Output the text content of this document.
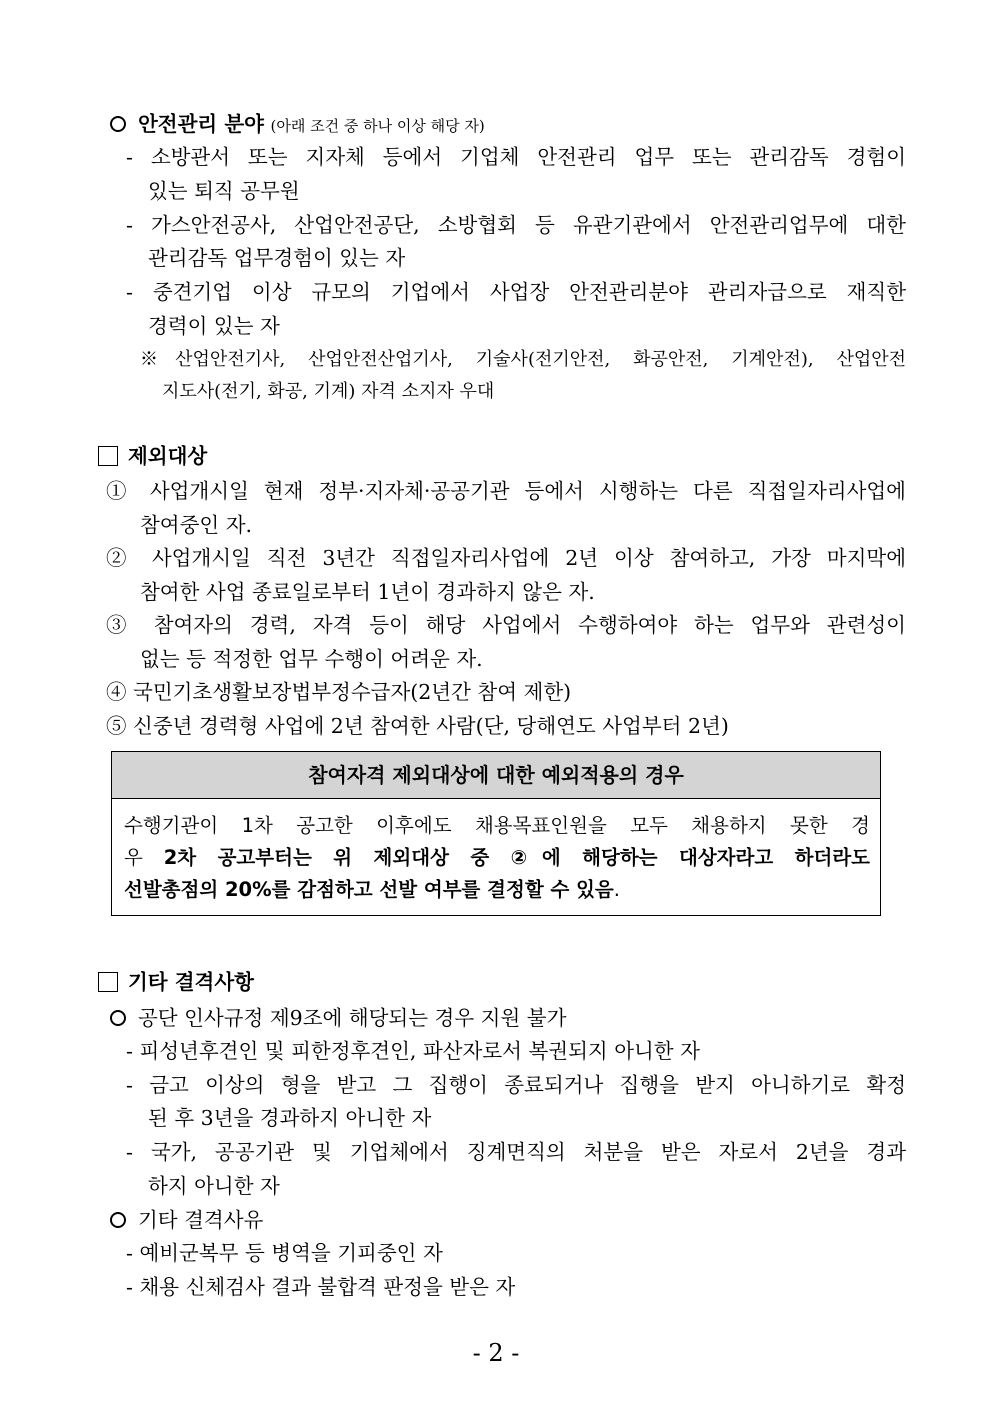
안전관리 분야 (아래 조건 중 하나 이상 해당 자)
- 소방관서 또는 지자체 등에서 기업체 안전관리 업무 또는 관리감독 경험이
있는 퇴직 공무원
- 가스안전공사, 산업안전공단, 소방협회 등 유관기관에서 안전관리업무에 대한
관리감독 업무경험이 있는 자
- 중견기업 이상 규모의 기업에서 사업장 안전관리분야 관리자급으로 재직한
경력이 있는 자
※산업안전기사, 산업안전산업기사, 기술사(전기안전, 화공안전, 기계안전), 산업안전
지도사(전기, 화공, 기계) 자격 소지자 우대
제외대상
① 사업개시일 현재 정부·지자체·공공기관 등에서 시행하는 다른 직접일자리사업에
참여중인 자.
② 사업개시일 직전 3년간 직접일자리사업에 2년 이상 참여하고, 가장 마지막에
참여한 사업 종료일로부터 1년이 경과하지 않은 자.
③ 참여자의 경력, 자격 등이 해당 사업에서 수행하여야 하는 업무와 관련성이
없는 등 적정한 업무 수행이 어려운 자.
④ 국민기초생활보장법부정수급자(2년간 참여 제한)
⑤ 신중년 경력형 사업에 2년 참여한 사람(단, 당해연도 사업부터 2년)
참여자격 제외대상에 대한 예외적용의 경우
수행기관이 1차 공고한 이후에도 채용목표인원을 모두 채용하지 못한 경
우 2차 공고부터는 위 제외대상 중 ②에 해당하는 대상자라고 하더라도
선발총점의 20%를 감점하고 선발 여부를 결정할 수 있음.
기타 결격사항
공단 인사규정 제9조에 해당되는 경우 지원 불가
- 피성년후견인 및 피한정후견인, 파산자로서 복권되지 아니한 자
- 금고 이상의 형을 받고 그 집행이 종료되거나 집행을 받지 아니하기로 확정
된 후 3년을 경과하지 아니한 자
- 국가, 공공기관 및 기업체에서 징계면직의 처분을 받은 자로서 2년을 경과
하지 아니한 자
기타 결격사유
- 예비군복무 등 병역을 기피중인 자
- 채용 신체검사 결과 불합격 판정을 받은 자
- 2 -
